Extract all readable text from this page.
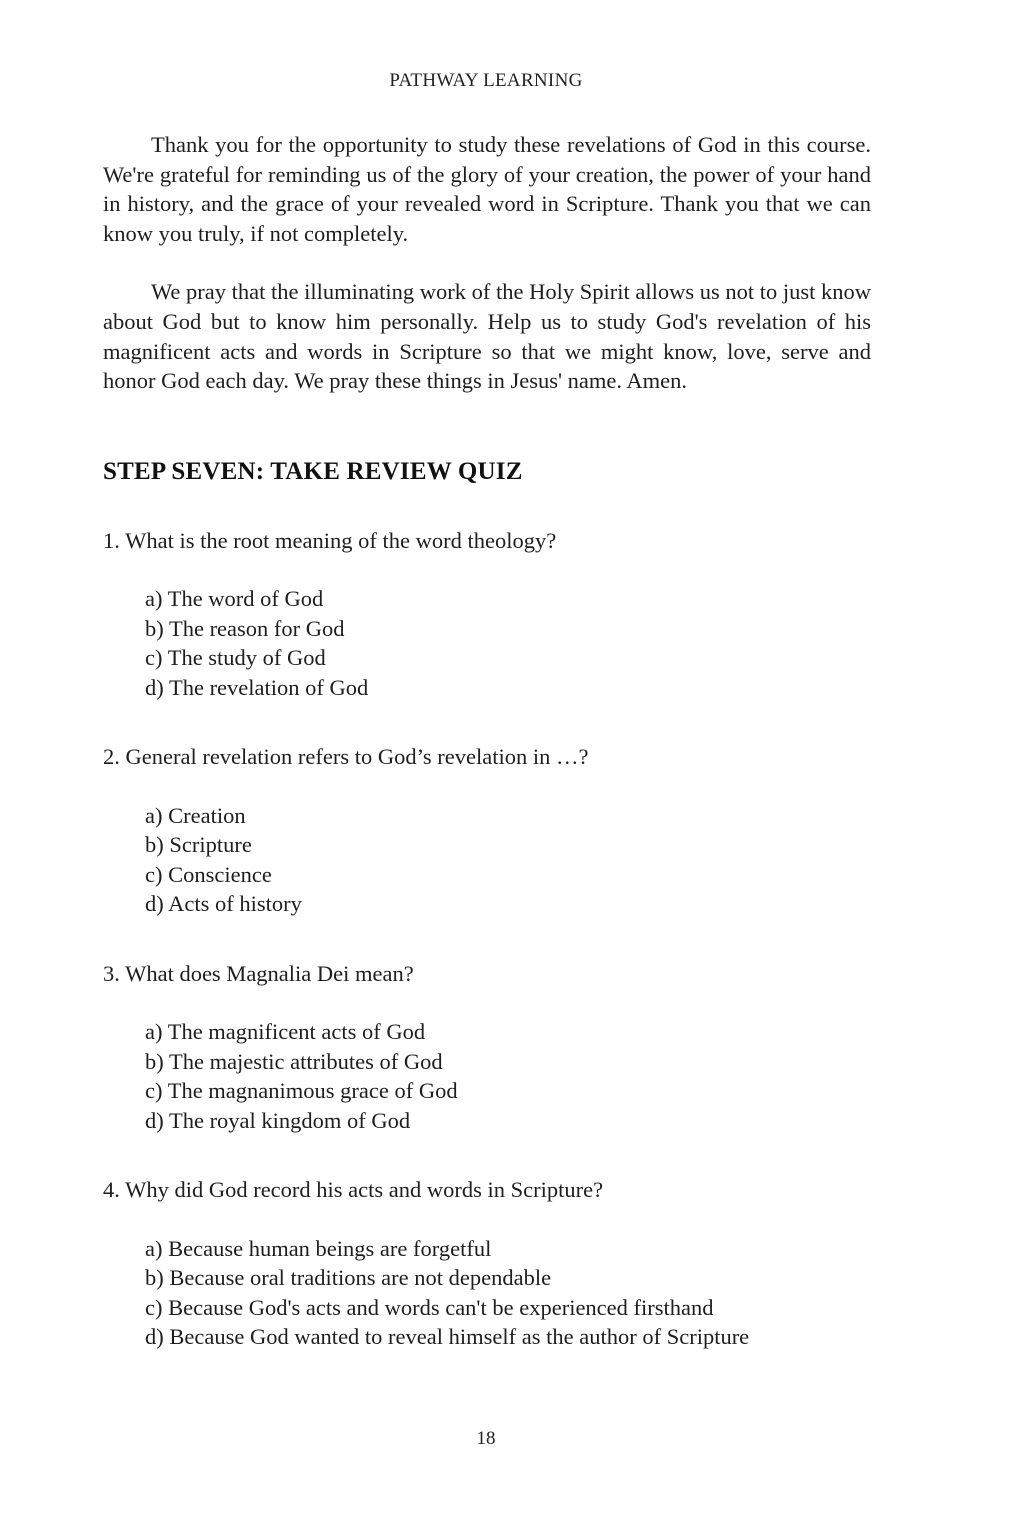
PATHWAY LEARNING

Thank you for the opportunity to study these revelations of God in this course. We're grateful for reminding us of the glory of your creation, the power of your hand in history, and the grace of your revealed word in Scripture. Thank you that we can know you truly, if not completely.

We pray that the illuminating work of the Holy Spirit allows us not to just know about God but to know him personally. Help us to study God's revelation of his magnificent acts and words in Scripture so that we might know, love, serve and honor God each day. We pray these things in Jesus' name. Amen.

STEP SEVEN: TAKE REVIEW QUIZ

1. What is the root meaning of the word theology?

a) The word of God
b) The reason for God
c) The study of God
d) The revelation of God

2. General revelation refers to God’s revelation in …?

a) Creation
b) Scripture
c) Conscience
d) Acts of history

3. What does Magnalia Dei mean?

a) The magnificent acts of God
b) The majestic attributes of God
c) The magnanimous grace of God
d) The royal kingdom of God

4. Why did God record his acts and words in Scripture?

a) Because human beings are forgetful
b) Because oral traditions are not dependable
c) Because God's acts and words can't be experienced firsthand
d) Because God wanted to reveal himself as the author of Scripture
18
